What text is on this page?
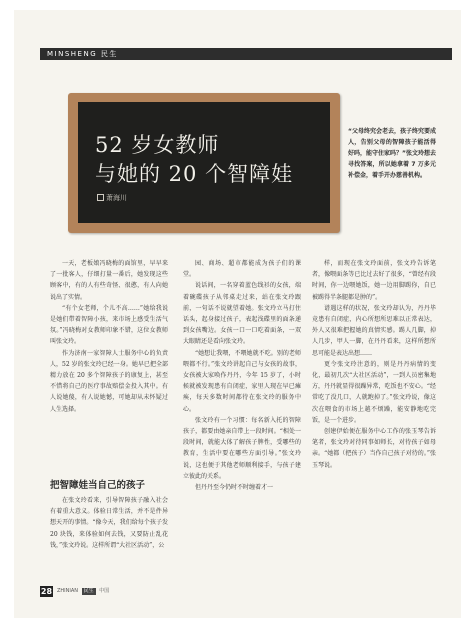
MINSHENG 民生
52 岁女教师
与她的 20 个智障娃
萧海川
“父母终究会老去，孩子终究要成人，告别父母的智障孩子能活得好吗，能守住家吗？”张文玲想去寻找答案，所以她拿着 7 万多元补偿金，着手开办慈善机构。

一天，老板娘冯晓梅的面馆里，早早来了一批客人，仔细打量一番后，她发现这些顾客中，有的人有些奇怪、很憨，有人向她说出了实情。

“有个女老师，个儿不高……”她给我说是她们带着智障小孩，来市场上感受生活气氛。”冯晓梅对女教师印象不错，这位女教师叫张文玲。

作为济南一家智障人士服务中心的负责人，52 岁的张文玲已经一身。她早已把全部精力放在 20 多个智障孩子的康复上，甚至不惜将自己的医疗事故赔偿金投入其中。有人说她傻，有人说她憾，可她却从未怀疑过人生选择。

把智障娃当自己的孩子

在张文玲看来，引导智障孩子融入社会有着重大意义。体验日常生活，并不是件异想天开的事情。“像今天，我们给每个孩子发 20 块钱，来体验如何去钱，又要防止乱花钱，”张文玲说。这样所谓“大社区活动”，公

园、商场、超市都能成为孩子们的课堂。

说话间，一名穿着蓝色线衫的女孩，端着碗碟孩子从邻桌走过来，站在张文玲跟前，一句话不说就望着她。张文玲立马打住话头，起身接过孩子，表起浅碟里的面条递到女孩嘴边。女孩一口一口吃着面条，一双大眼睛还是看向张文玲。

“她想让我喂，不喂她就不吃。别的老师喂都不行。”张文玲讲起自己与女孩的故事，女孩被大家唤作丹丹，今年 15 岁了，小时候就被发现患有自闭症，家里人现在早已瘫痪，每天多数时间都待在张文玲的服务中心。

张文玲有一个习惯：每名新入托的智障孩子，都要由她亲自带上一段时间。“相处一段时间，就能大体了解孩子脾性，受哪些的教育，生活中要在哪些方面引导。”张文玲说，这也便于其他老师顺利接手，与孩子建立彼此的关系。

但丹丹至今仍时不时缠着才一

样，而现在张文玲面前，张文玲告诉笔者，像喂面条等已比过去好了很多，“曾经有段时间，你一边喂她饭，她一边用脚踢你，自已被踢得半条腿都是肿的”。

谱遇这样的状况，张文玲却认为，丹丹毕竟患有自闭症，内心所想所思难以正常表达，外人又很难把握她的真情实感。踢人几脚，掉人几步，甲人一脚，在丹丹看来，这样所想所思可能是表达出想……

更令张文玲注意的，则是丹丹病情的变化，最初几次“大社区活动”，一到人员密集地方，丹丹就显得很躁异常，吃饭也不安心。“经常吃了没几口，人就跑掉了。”张文玲说，像这次在喂食的市场上越不烦躁，能安静地吃完饭，是一个进步。

创建伊始便在服务中心工作的张玉琴告诉笔者，张文玲对待同事如师长，对待孩子如母亲。“她都（把孩子）当作自己孩子对待的。”张玉琴说。

28 ZHINIAN 民生 中国
